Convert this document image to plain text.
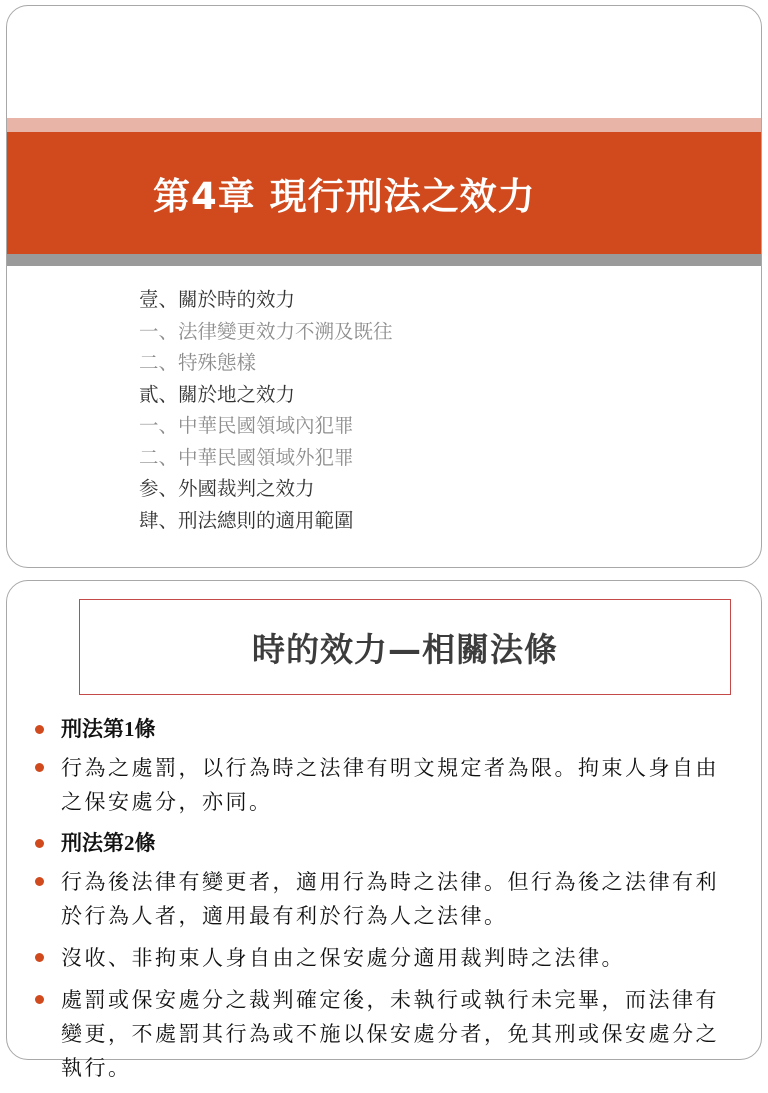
第4章 現行刑法之效力
壹、關於時的效力
一、法律變更效力不溯及既往
二、特殊態樣
貳、關於地之效力
一、中華民國領域內犯罪
二、中華民國領域外犯罪
参、外國裁判之效力
肆、刑法總則的適用範圍
時的效力—相關法條
刑法第1條
行為之處罰，以行為時之法律有明文規定者為限。拘束人身自由之保安處分，亦同。
刑法第2條
行為後法律有變更者，適用行為時之法律。但行為後之法律有利於行為人者，適用最有利於行為人之法律。
沒收、非拘束人身自由之保安處分適用裁判時之法律。
處罰或保安處分之裁判確定後，未執行或執行未完畢，而法律有變更，不處罰其行為或不施以保安處分者，免其刑或保安處分之執行。
